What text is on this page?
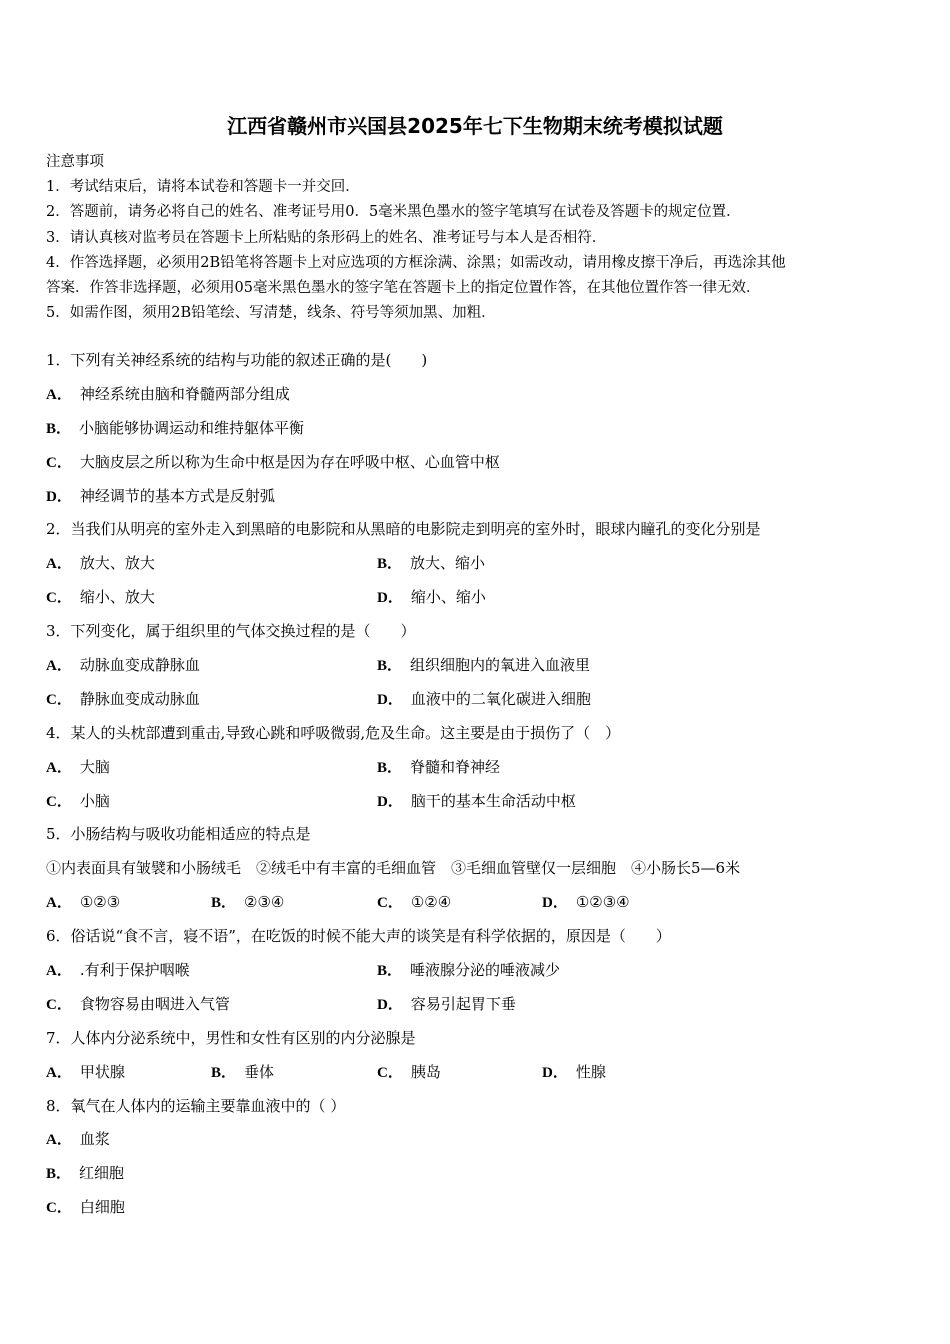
江西省赣州市兴国县2025年七下生物期末统考模拟试题
注意事项
1．考试结束后，请将本试卷和答题卡一并交回．
2．答题前，请务必将自己的姓名、准考证号用0．5毫米黑色墨水的签字笔填写在试卷及答题卡的规定位置．
3．请认真核对监考员在答题卡上所粘贴的条形码上的姓名、准考证号与本人是否相符．
4．作答选择题，必须用2B铅笔将答题卡上对应选项的方框涂满、涂黑；如需改动，请用橡皮擦干净后，再选涂其他
答案．作答非选择题，必须用05毫米黑色墨水的签字笔在答题卡上的指定位置作答，在其他位置作答一律无效．
5．如需作图，须用2B铅笔绘、写清楚，线条、符号等须加黑、加粗．
1．下列有关神经系统的结构与功能的叙述正确的是(　　)
A． 神经系统由脑和脊髓两部分组成
B． 小脑能够协调运动和维持躯体平衡
C． 大脑皮层之所以称为生命中枢是因为存在呼吸中枢、心血管中枢
D． 神经调节的基本方式是反射弧
2．当我们从明亮的室外走入到黑暗的电影院和从黑暗的电影院走到明亮的室外时，眼球内瞳孔的变化分别是
A． 放大、放大	B． 放大、缩小
C． 缩小、放大	D． 缩小、缩小
3．下列变化，属于组织里的气体交换过程的是（　　）
A． 动脉血变成静脉血	B． 组织细胞内的氧进入血液里
C． 静脉血变成动脉血	D． 血液中的二氧化碳进入细胞
4．某人的头枕部遭到重击,导致心跳和呼吸微弱,危及生命。这主要是由于损伤了（　）
A． 大脑	B． 脊髓和脊神经
C． 小脑	D． 脑干的基本生命活动中枢
5．小肠结构与吸收功能相适应的特点是
①内表面具有皱襞和小肠绒毛　②绒毛中有丰富的毛细血管　③毛细血管壁仅一层细胞　④小肠长5—6米
A． ①②③	B． ②③④	C． ①②④	D． ①②③④
6．俗话说“食不言，寝不语”，在吃饭的时候不能大声的谈笑是有科学依据的，原因是（　　）
A． .有利于保护咽喉	B． 唾液腺分泌的唾液减少
C． 食物容易由咽进入气管	D． 容易引起胃下垂
7．人体内分泌系统中，男性和女性有区别的内分泌腺是
A． 甲状腺	B． 垂体	C． 胰岛	D． 性腺
8．氧气在人体内的运输主要靠血液中的（ ）
A． 血浆
B． 红细胞
C． 白细胞
